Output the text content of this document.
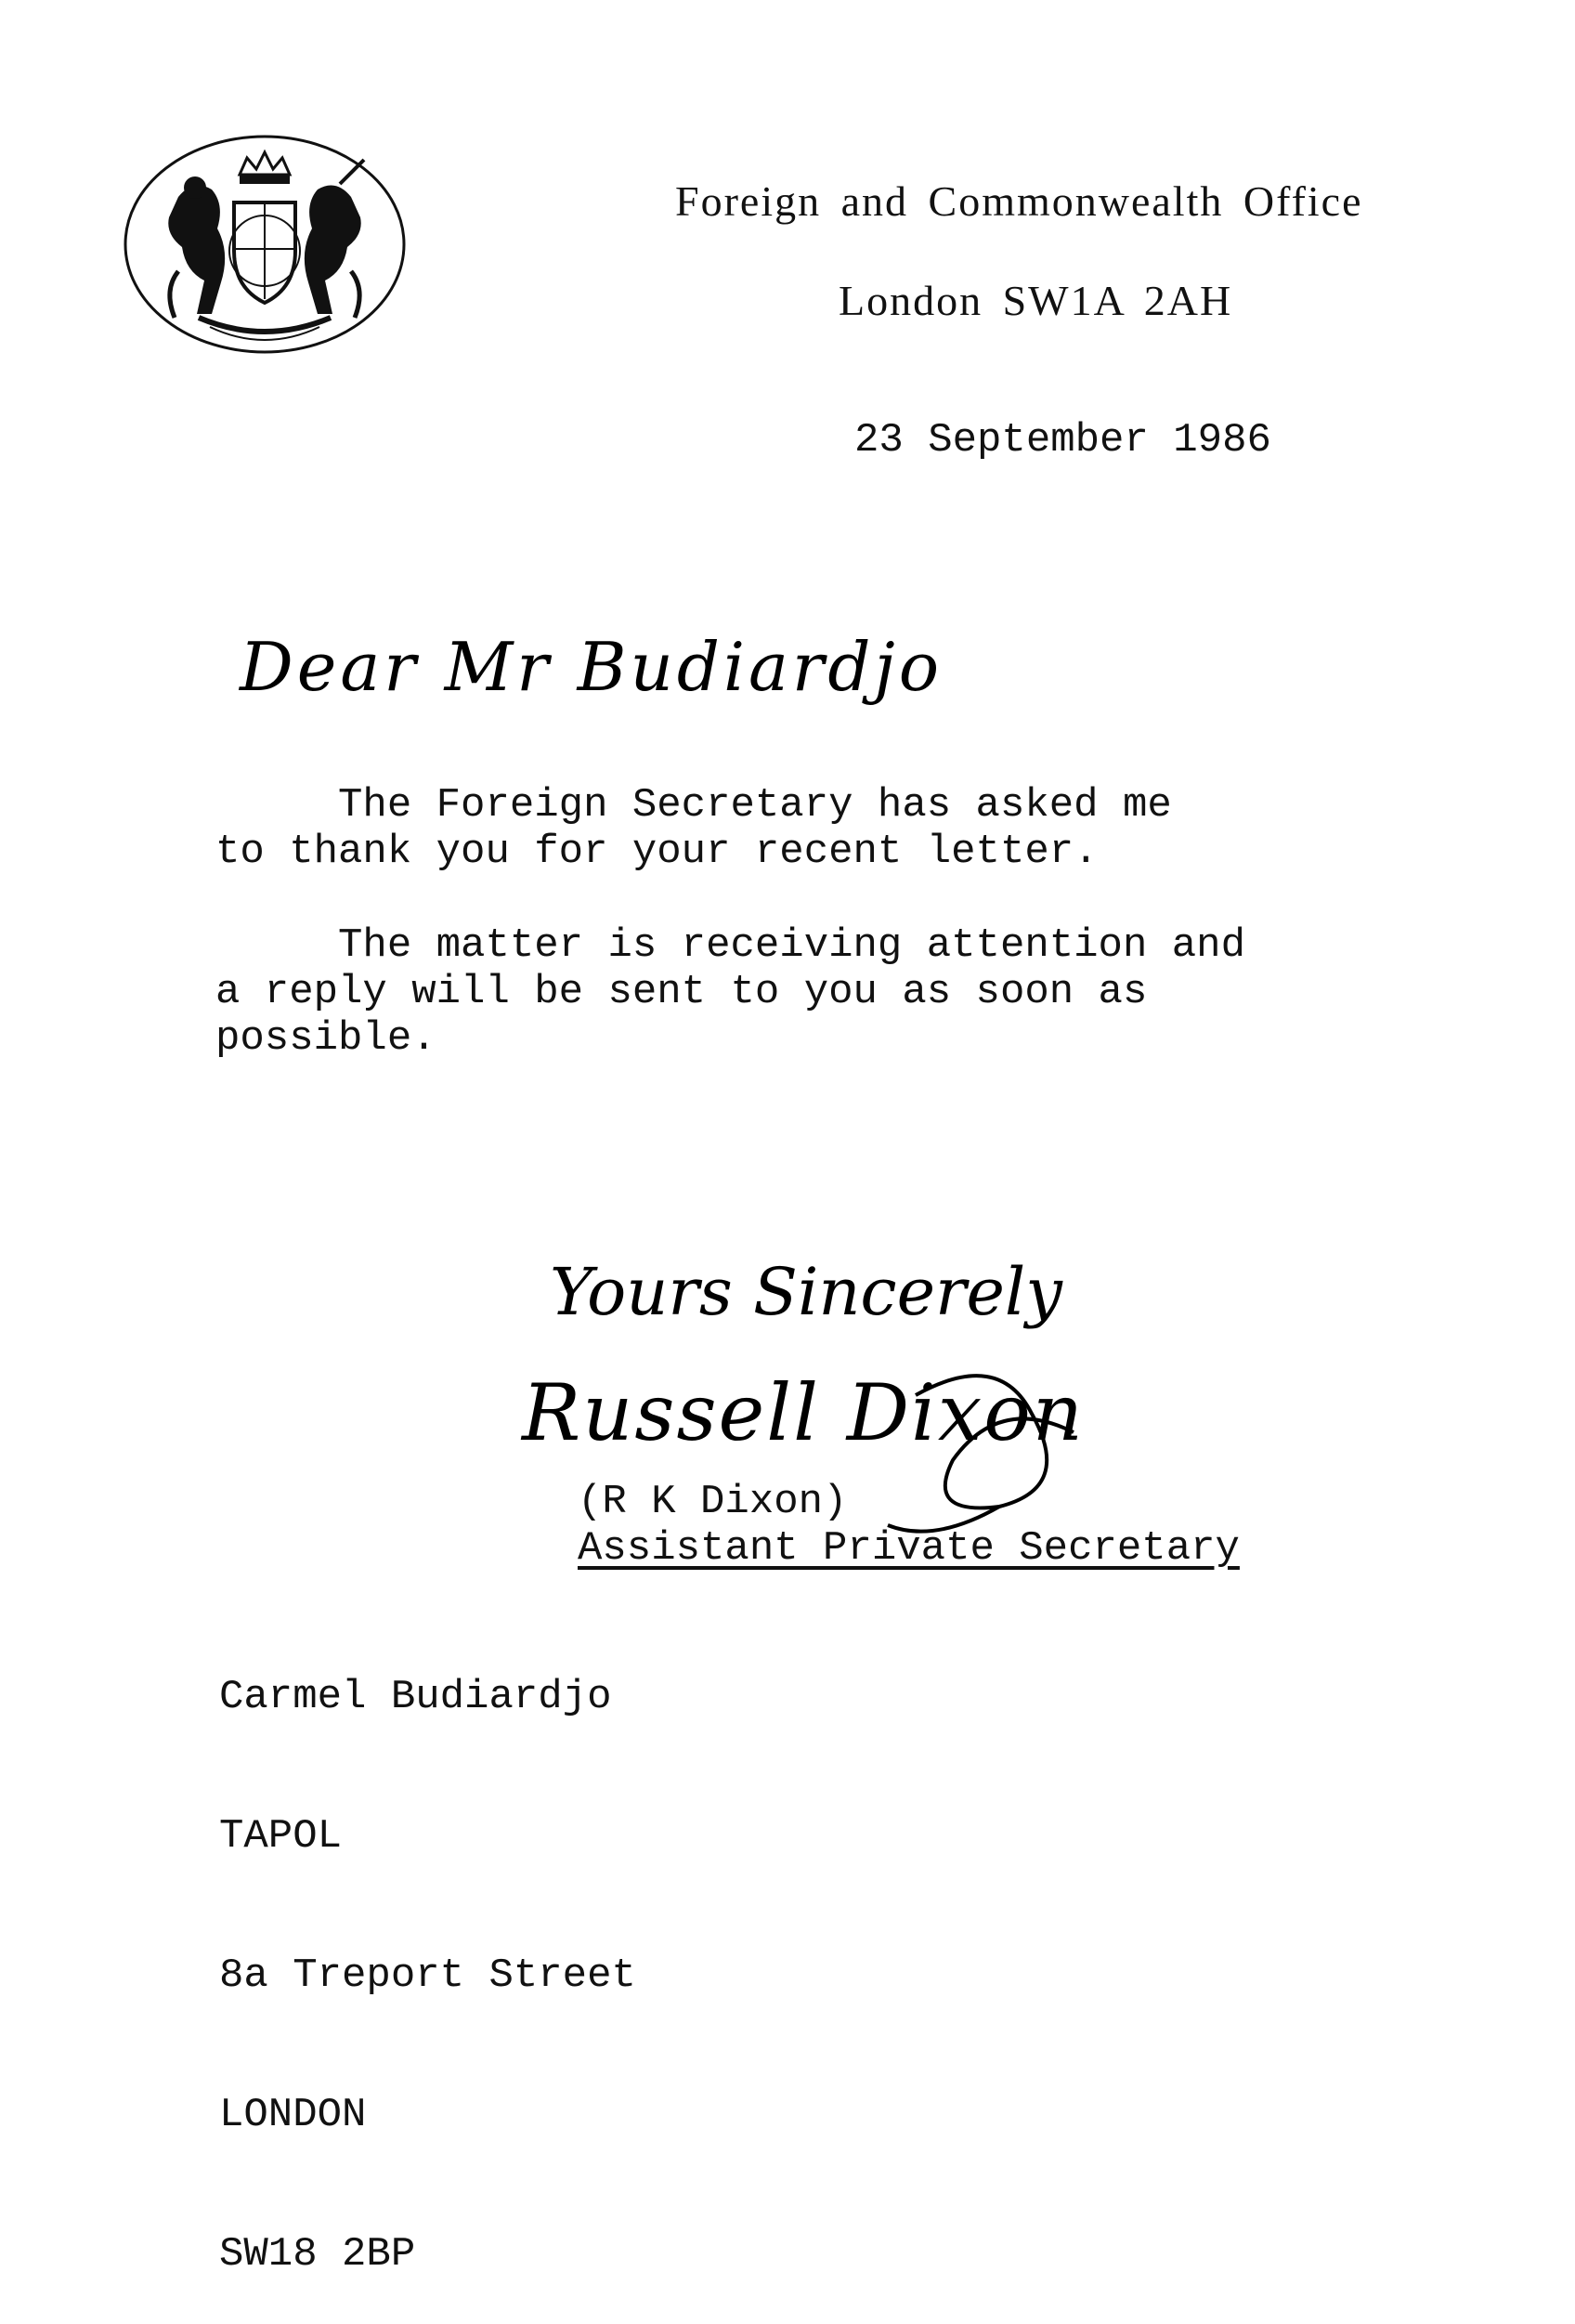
Foreign and Commonwealth Office
London SW1A 2AH
23 September 1986
Dear Mr Budiardjo
The Foreign Secretary has asked me
to thank you for your recent letter.
The matter is receiving attention and
a reply will be sent to you as soon as
possible.
Yours Sincerely
Russell Dixon
(R K Dixon)
Assistant Private Secretary

Carmel Budiardjo

TAPOL

8a Treport Street

LONDON

SW18 2BP
